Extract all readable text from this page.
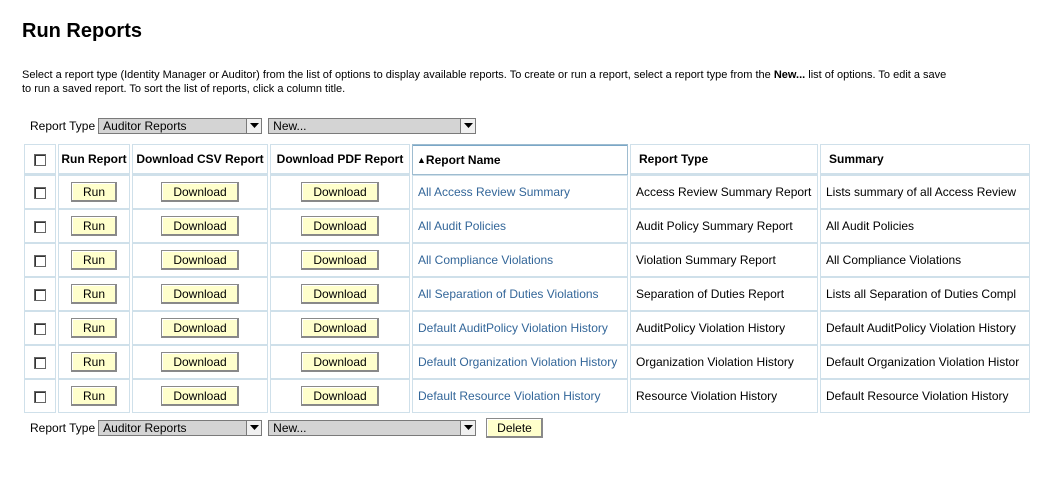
Run Reports
Select a report type (Identity Manager or Auditor) from the list of options to display available reports. To create or run a report, select a report type from the New... list of options. To edit a save
to run a saved report. To sort the list of reports, click a column title.
Report Type Auditor Reports	New...
	Run Report	Download CSV Report	Download PDF Report	▲Report Name	Report Type	Summary
	Run	Download	Download	All Access Review Summary	Access Review Summary Report	Lists summary of all Access Review
	Run	Download	Download	All Audit Policies	Audit Policy Summary Report	All Audit Policies
	Run	Download	Download	All Compliance Violations	Violation Summary Report	All Compliance Violations
	Run	Download	Download	All Separation of Duties Violations	Separation of Duties Report	Lists all Separation of Duties Compl
	Run	Download	Download	Default AuditPolicy Violation History	AuditPolicy Violation History	Default AuditPolicy Violation History
	Run	Download	Download	Default Organization Violation History	Organization Violation History	Default Organization Violation Histor
	Run	Download	Download	Default Resource Violation History	Resource Violation History	Default Resource Violation History
Report Type Auditor Reports	New...	Delete
